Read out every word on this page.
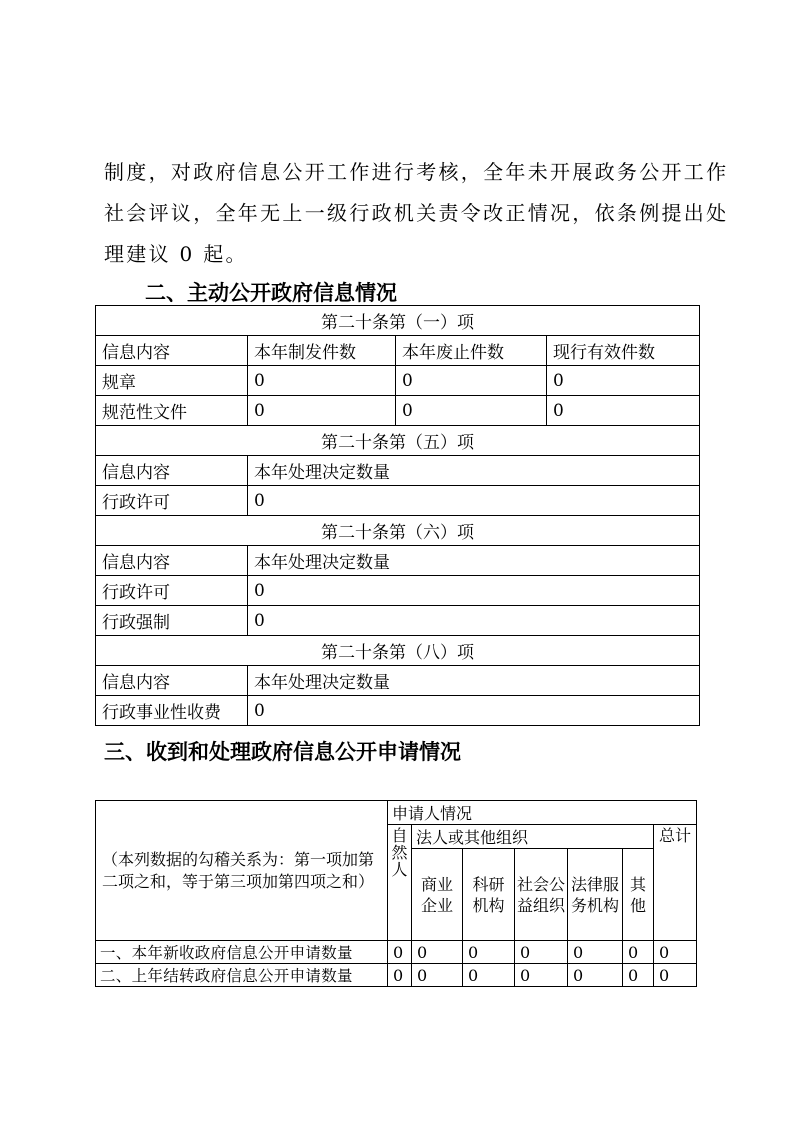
制度，对政府信息公开工作进行考核，全年未开展政务公开工作
社会评议，全年无上一级行政机关责令改正情况，依条例提出处
理建议 0 起。
二、主动公开政府信息情况
第二十条第（一）项			
信息内容	本年制发件数	本年废止件数	现行有效件数
规章	0	0	0
规范性文件	0	0	0
第二十条第（五）项			
信息内容	本年处理决定数量		
行政许可	0		
第二十条第（六）项			
信息内容	本年处理决定数量		
行政许可	0		
行政强制	0		
第二十条第（八）项			
信息内容	本年处理决定数量		
行政事业性收费	0		
三、收到和处理政府信息公开申请情况
（本列数据的勾稽关系为：第一项加第二项之和，等于第三项加第四项之和）	申请人情况						
	自然人	法人或其他组织					总计
		商业企业	科研机构	社会公益组织	法律服务机构	其他	
一、本年新收政府信息公开申请数量	0	0	0	0	0	0	0
二、上年结转政府信息公开申请数量	0	0	0	0	0	0	0
